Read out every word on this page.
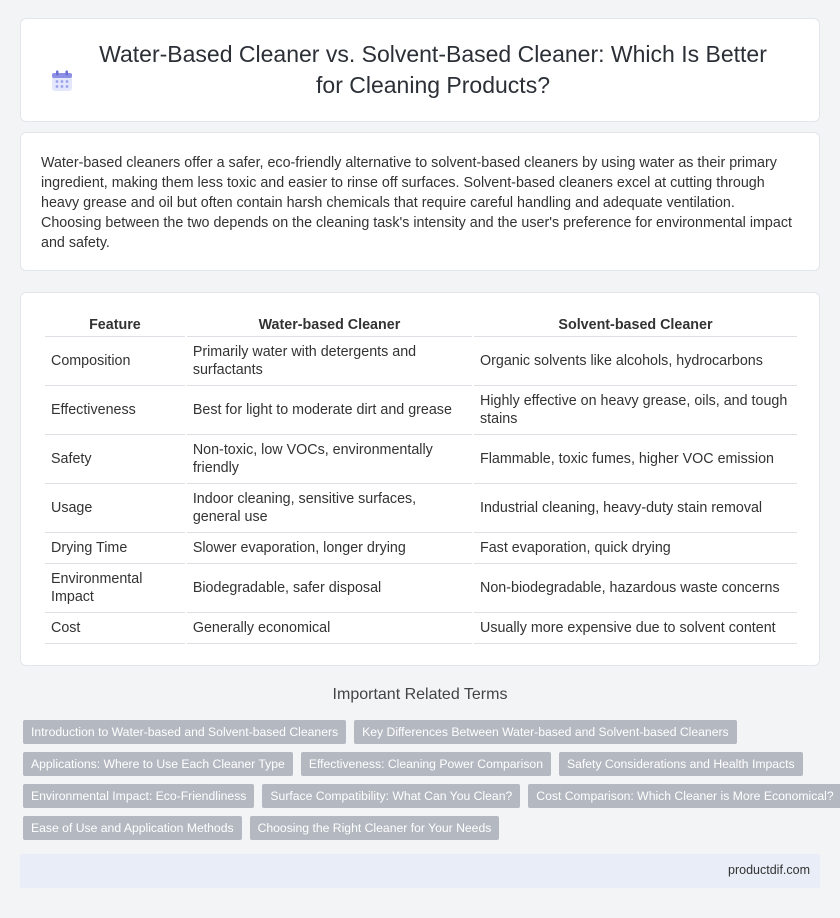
Water-Based Cleaner vs. Solvent-Based Cleaner: Which Is Better for Cleaning Products?

Water-based cleaners offer a safer, eco-friendly alternative to solvent-based cleaners by using water as their primary ingredient, making them less toxic and easier to rinse off surfaces. Solvent-based cleaners excel at cutting through heavy grease and oil but often contain harsh chemicals that require careful handling and adequate ventilation. Choosing between the two depends on the cleaning task's intensity and the user's preference for environmental impact and safety.

Feature	Water-based Cleaner	Solvent-based Cleaner
Composition	Primarily water with detergents and surfactants	Organic solvents like alcohols, hydrocarbons
Effectiveness	Best for light to moderate dirt and grease	Highly effective on heavy grease, oils, and tough stains
Safety	Non-toxic, low VOCs, environmentally friendly	Flammable, toxic fumes, higher VOC emission
Usage	Indoor cleaning, sensitive surfaces, general use	Industrial cleaning, heavy-duty stain removal
Drying Time	Slower evaporation, longer drying	Fast evaporation, quick drying
Environmental Impact	Biodegradable, safer disposal	Non-biodegradable, hazardous waste concerns
Cost	Generally economical	Usually more expensive due to solvent content
Important Related Terms
Introduction to Water-based and Solvent-based Cleaners	Key Differences Between Water-based and Solvent-based Cleaners
Applications: Where to Use Each Cleaner Type	Effectiveness: Cleaning Power Comparison	Safety Considerations and Health Impacts
Environmental Impact: Eco-Friendliness	Surface Compatibility: What Can You Clean?	Cost Comparison: Which Cleaner is More Economical?
Ease of Use and Application Methods	Choosing the Right Cleaner for Your Needs
productdif.com
